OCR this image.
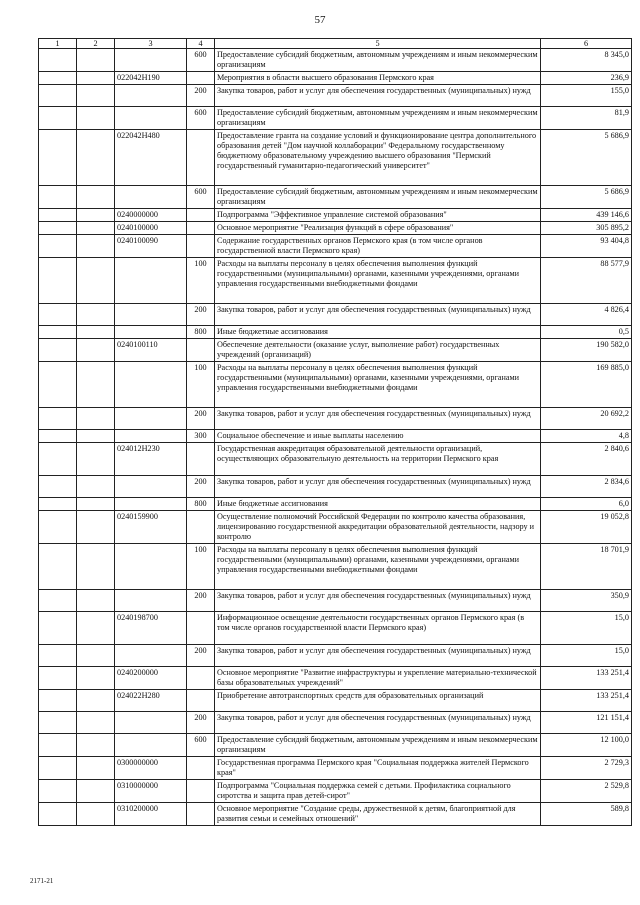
57
1	2	3	4	5	6
			600	Предоставление субсидий бюджетным, автономным учреждениям и иным некоммерческим организациям	8 345,0
		022042Н190		Мероприятия в области высшего образования Пермского края	236,9
			200	Закупка товаров, работ и услуг для обеспечения государственных (муниципальных) нужд	155,0
			600	Предоставление субсидий бюджетным, автономным учреждениям и иным некоммерческим организациям	81,9
		022042Н480		Предоставление гранта на создание условий и функционирование центра дополнительного образования детей "Дом научной коллаборации" Федеральному государственному бюджетному образовательному учреждению высшего образования "Пермский государственный гуманитарно-педагогический университет"	5 686,9
			600	Предоставление субсидий бюджетным, автономным учреждениям и иным некоммерческим организациям	5 686,9
		0240000000		Подпрограмма "Эффективное управление системой образования"	439 146,6
		0240100000		Основное мероприятие "Реализация функций в сфере образования"	305 895,2
		0240100090		Содержание государственных органов Пермского края (в том числе органов государственной власти Пермского края)	93 404,8
			100	Расходы на выплаты персоналу в целях обеспечения выполнения функций государственными (муниципальными) органами, казенными учреждениями, органами управления государственными внебюджетными фондами	88 577,9
			200	Закупка товаров, работ и услуг для обеспечения государственных (муниципальных) нужд	4 826,4
			800	Иные бюджетные ассигнования	0,5
		0240100110		Обеспечение деятельности (оказание услуг, выполнение работ) государственных учреждений (организаций)	190 582,0
			100	Расходы на выплаты персоналу в целях обеспечения выполнения функций государственными (муниципальными) органами, казенными учреждениями, органами управления государственными внебюджетными фондами	169 885,0
			200	Закупка товаров, работ и услуг для обеспечения государственных (муниципальных) нужд	20 692,2
			300	Социальное обеспечение и иные выплаты населению	4,8
		024012Н230		Государственная аккредитация образовательной деятельности организаций, осуществляющих образовательную деятельность на территории Пермского края	2 840,6
			200	Закупка товаров, работ и услуг для обеспечения государственных (муниципальных) нужд	2 834,6
			800	Иные бюджетные ассигнования	6,0
		0240159900		Осуществление полномочий Российской Федерации по контролю качества образования, лицензированию государственной аккредитации образовательной деятельности, надзору и контролю	19 052,8
			100	Расходы на выплаты персоналу в целях обеспечения выполнения функций государственными (муниципальными) органами, казенными учреждениями, органами управления государственными внебюджетными фондами	18 701,9
			200	Закупка товаров, работ и услуг для обеспечения государственных (муниципальных) нужд	350,9
		0240198700		Информационное освещение деятельности государственных органов Пермского края (в том числе органов государственной власти Пермского края)	15,0
			200	Закупка товаров, работ и услуг для обеспечения государственных (муниципальных) нужд	15,0
		0240200000		Основное мероприятие "Развитие инфраструктуры и укрепление материально-технической базы образовательных учреждений"	133 251,4
		024022Н280		Приобретение автотранспортных средств для образовательных организаций	133 251,4
			200	Закупка товаров, работ и услуг для обеспечения государственных (муниципальных) нужд	121 151,4
			600	Предоставление субсидий бюджетным, автономным учреждениям и иным некоммерческим организациям	12 100,0
		0300000000		Государственная программа Пермского края "Социальная поддержка жителей Пермского края"	2 729,3
		0310000000		Подпрограмма "Социальная поддержка семей с детьми. Профилактика социального сиротства и защита прав детей-сирот"	2 529,8
		0310200000		Основное мероприятие "Создание среды, дружественной к детям, благоприятной для развития семьи и семейных отношений"	589,8
2171-21
